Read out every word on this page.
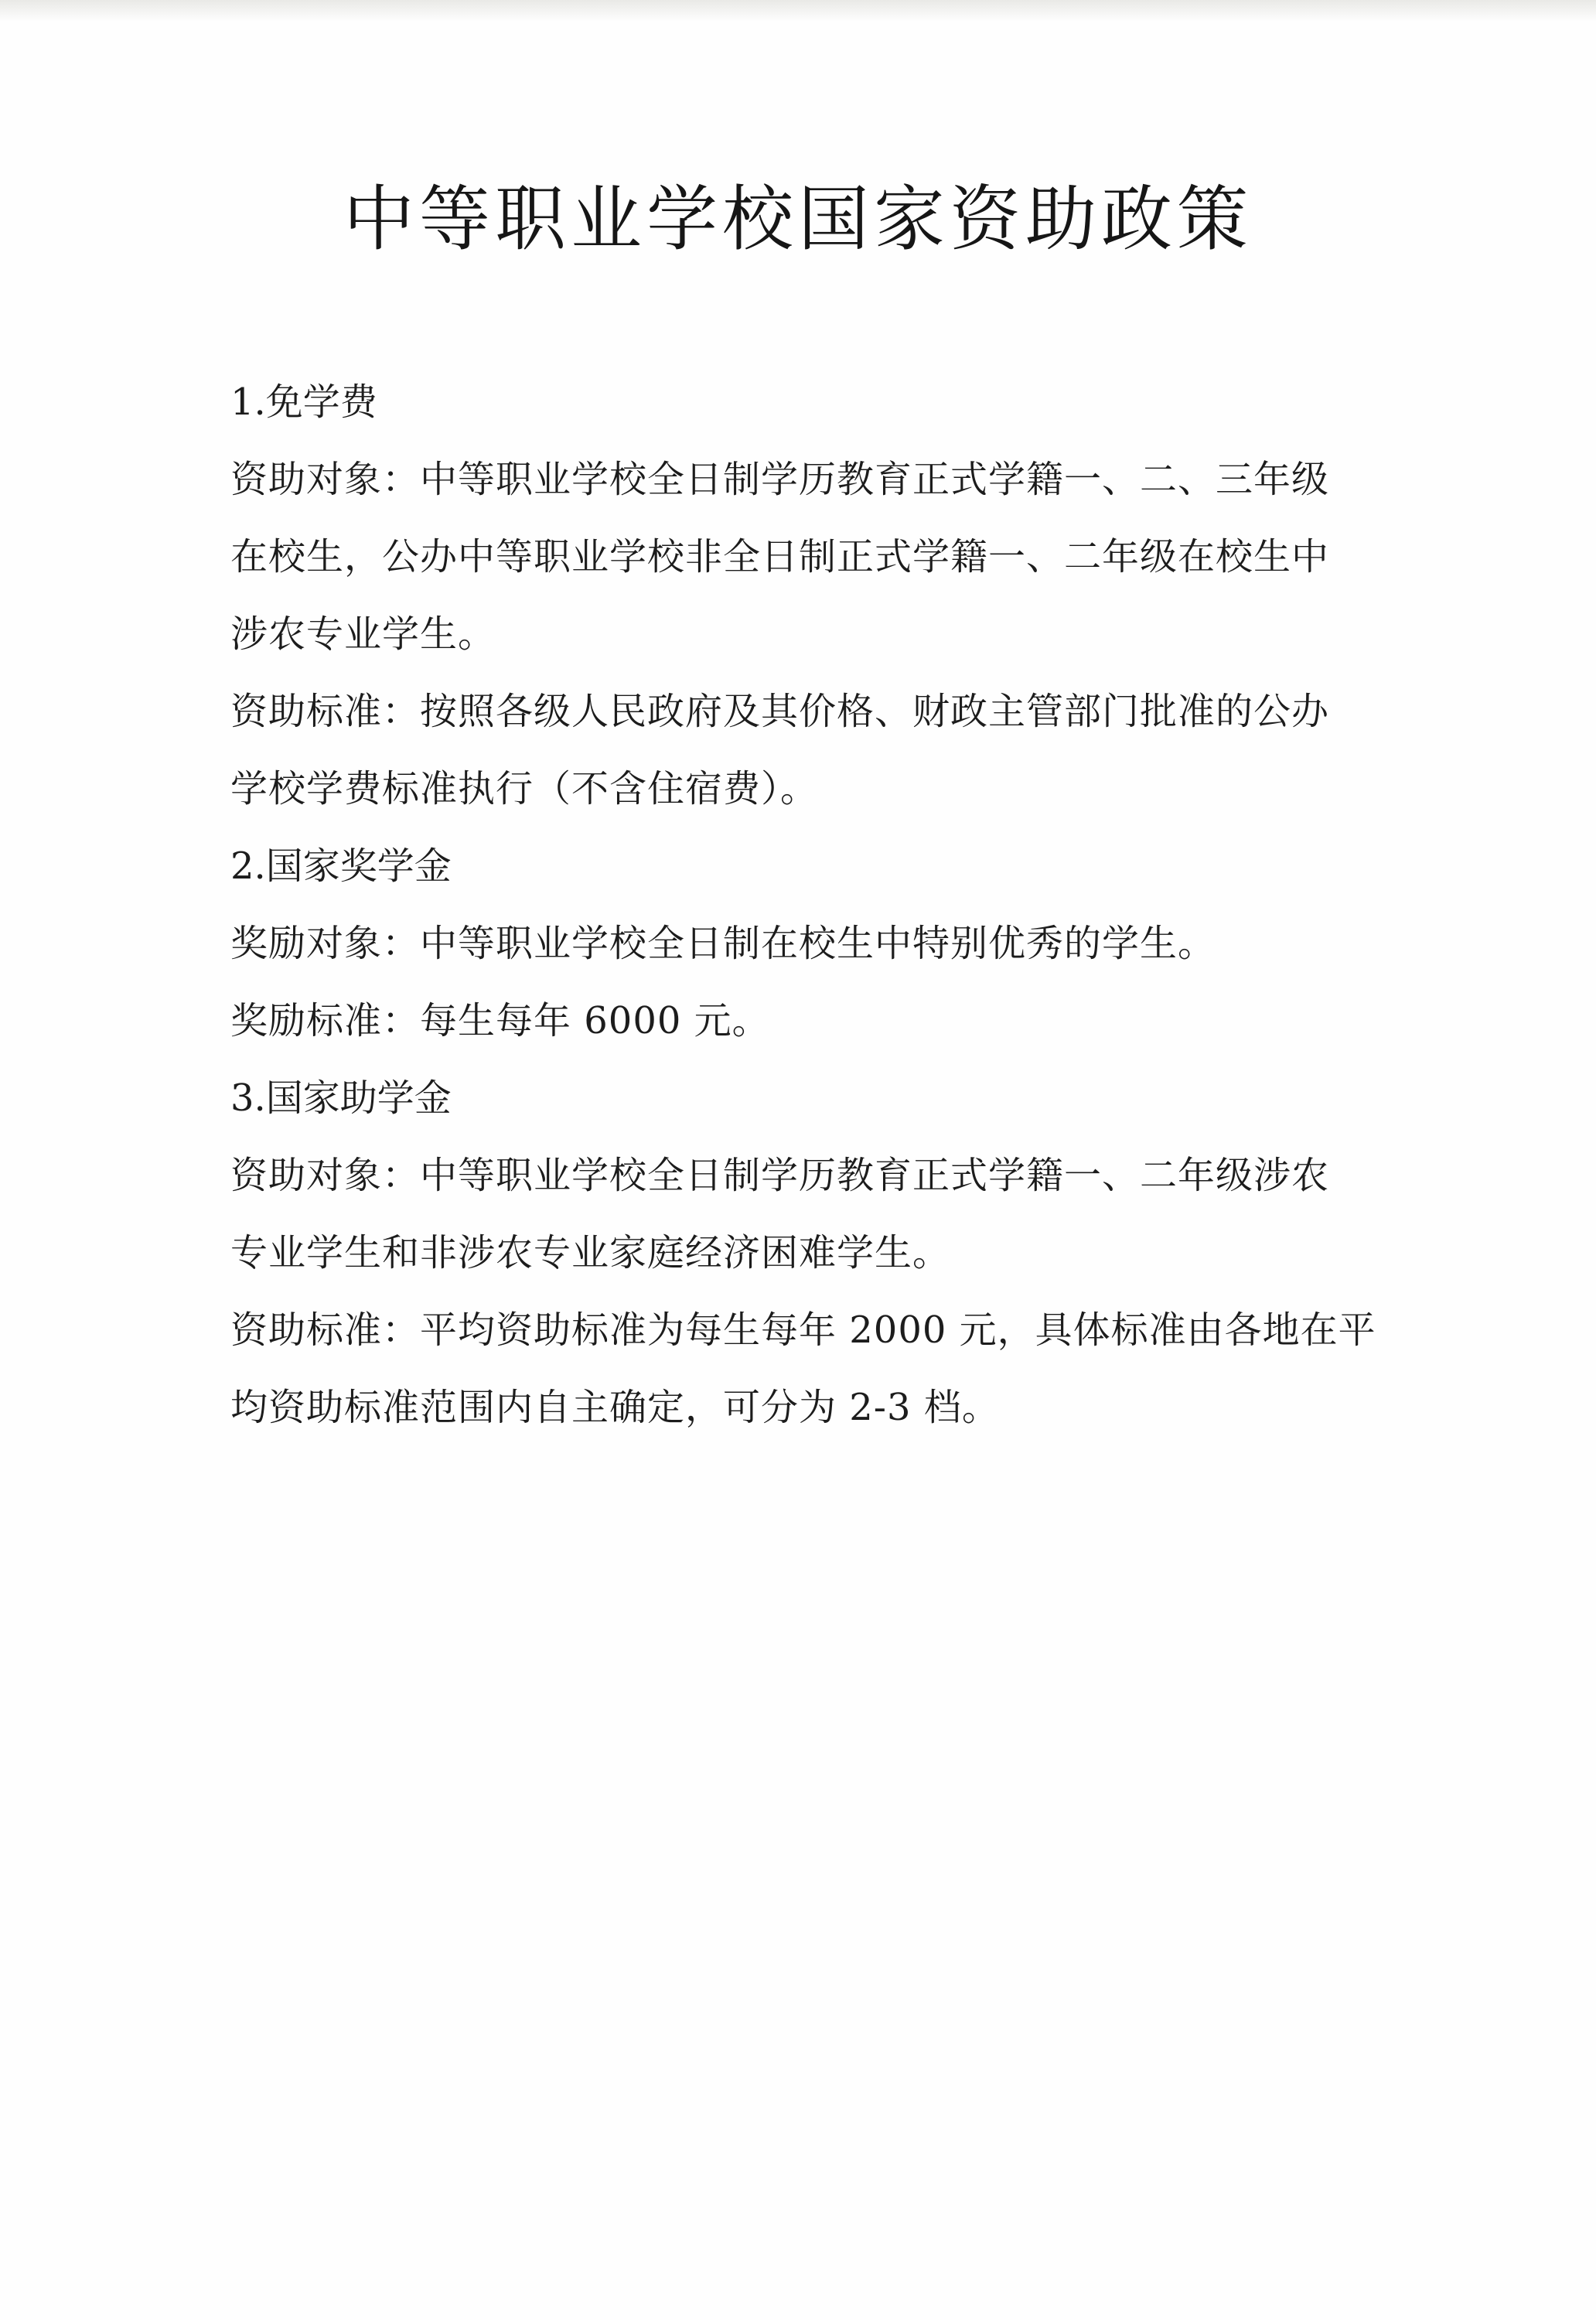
中等职业学校国家资助政策
1.免学费
资助对象：中等职业学校全日制学历教育正式学籍一、二、三年级
在校生，公办中等职业学校非全日制正式学籍一、二年级在校生中
涉农专业学生。
资助标准：按照各级人民政府及其价格、财政主管部门批准的公办
学校学费标准执行（不含住宿费）。
2.国家奖学金
奖励对象：中等职业学校全日制在校生中特别优秀的学生。
奖励标准：每生每年 6000 元。
3.国家助学金
资助对象：中等职业学校全日制学历教育正式学籍一、二年级涉农
专业学生和非涉农专业家庭经济困难学生。
资助标准：平均资助标准为每生每年 2000 元，具体标准由各地在平
均资助标准范围内自主确定，可分为 2-3 档。
